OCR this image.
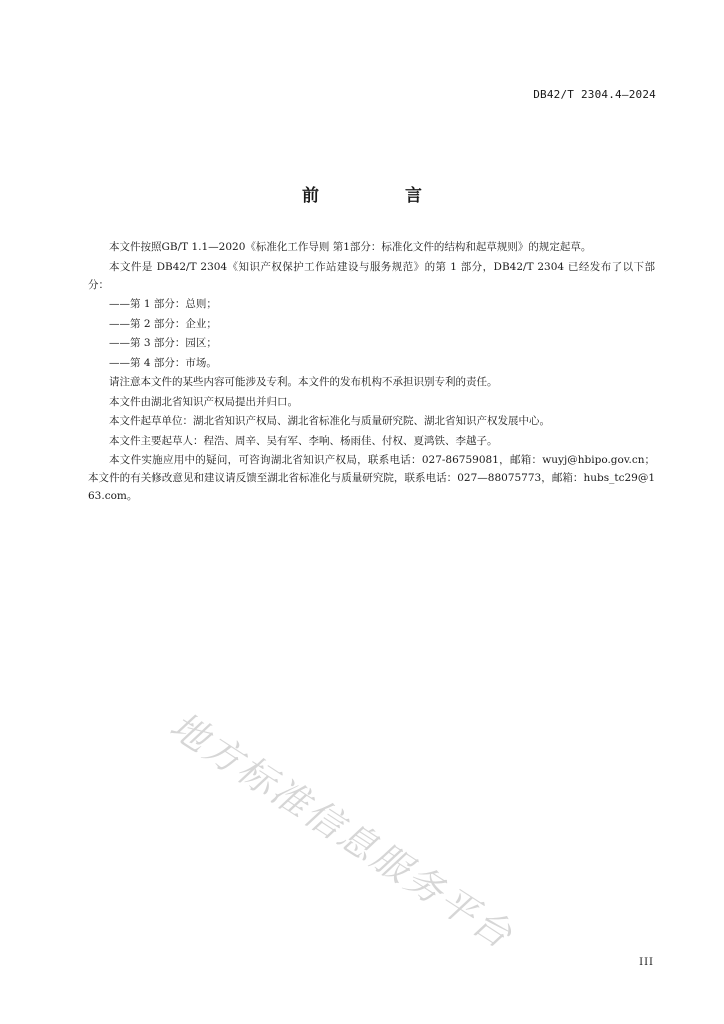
DB42/T 2304.4—2024
前 言

本文件按照GB/T 1.1—2020《标准化工作导则 第1部分：标准化文件的结构和起草规则》的规定起草。

本文件是 DB42/T 2304《知识产权保护工作站建设与服务规范》的第 1 部分，DB42/T 2304 已经发布了以下部分：

——第 1 部分：总则；
——第 2 部分：企业；
——第 3 部分：园区；
——第 4 部分：市场。

请注意本文件的某些内容可能涉及专利。本文件的发布机构不承担识别专利的责任。

本文件由湖北省知识产权局提出并归口。

本文件起草单位：湖北省知识产权局、湖北省标准化与质量研究院、湖北省知识产权发展中心。

本文件主要起草人：程浩、周辛、吴有军、李响、杨雨佳、付权、夏鸿铁、李越子。

本文件实施应用中的疑问，可咨询湖北省知识产权局，联系电话：027-86759081，邮箱：wuyj@hbipo.gov.cn；本文件的有关修改意见和建议请反馈至湖北省标准化与质量研究院，联系电话：027—88075773，邮箱：hubs_tc29@163.com。

地方标准信息服务平台
III
